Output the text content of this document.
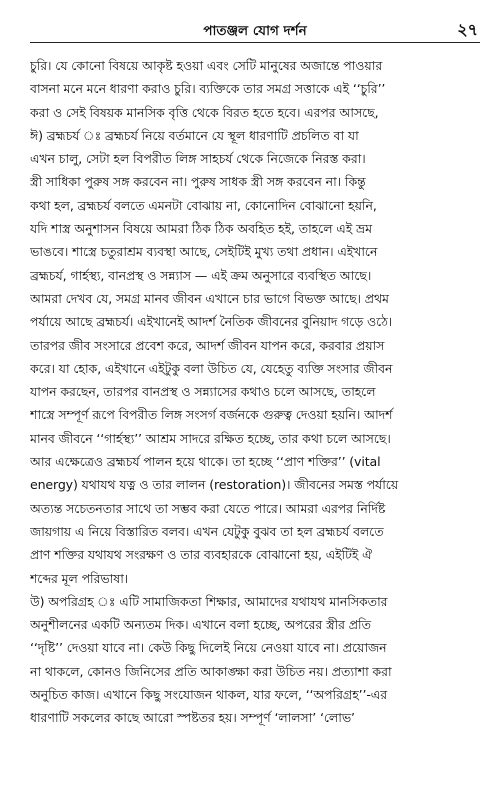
পাতঞ্জল যোগ দর্শন	২৭
চুরি। যে কোনো বিষয়ে আকৃষ্ট হওয়া এবং সেটি মানুষের অজান্তে পাওয়ার
বাসনা মনে মনে ধারণা করাও চুরি। ব্যক্তিকে তার সমগ্র সত্তাকে এই ‘‘চুরি’’
করা ও সেই বিষয়ক মানসিক বৃত্তি থেকে বিরত হতে হবে। এরপর আসছে,
ঈ) ব্রহ্মচর্য ঃ ব্রহ্মচর্য নিয়ে বর্তমানে যে স্থূল ধারণাটি প্রচলিত বা যা
এখন চালু, সেটা হল বিপরীত লিঙ্গ সাহচর্য থেকে নিজেকে নিরস্ত করা।
স্ত্রী সাধিকা পুরুষ সঙ্গ করবেন না। পুরুষ সাধক স্ত্রী সঙ্গ করবেন না। কিন্তু
কথা হল, ব্রহ্মচর্য বলতে এমনটা বোঝায় না, কোনোদিন বোঝানো হয়নি,
যদি শাস্ত্র অনুশাসন বিষয়ে আমরা ঠিক ঠিক অবহিত হই, তাহলে এই ভ্রম
ভাঙবে। শাস্ত্রে চতুরাশ্রম ব্যবস্থা আছে, সেইটিই মুখ্য তথা প্রধান। এইখানে
ব্রহ্মচর্য, গার্হস্থ্য, বানপ্রস্থ ও সন্ন্যাস — এই ক্রম অনুসারে ব্যবস্থিত আছে।
আমরা দেখব যে, সমগ্র মানব জীবন এখানে চার ভাগে বিভক্ত আছে। প্রথম
পর্যায়ে আছে ব্রহ্মচর্য। এইখানেই আদর্শ নৈতিক জীবনের বুনিয়াদ গড়ে ওঠে।
তারপর জীব সংসারে প্রবেশ করে, আদর্শ জীবন যাপন করে, করবার প্রয়াস
করে। যা হোক, এইখানে এইটুকু বলা উচিত যে, যেহেতু ব্যক্তি সংসার জীবন
যাপন করছেন, তারপর বানপ্রস্থ ও সন্ন্যাসের কথাও চলে আসছে, তাহলে
শাস্ত্রে সম্পূর্ণ রূপে বিপরীত লিঙ্গ সংসর্গ বর্জনকে গুরুত্ব দেওয়া হয়নি। আদর্শ
মানব জীবনে ‘‘গার্হস্থ্য’’ আশ্রম সাদরে রক্ষিত হচ্ছে, তার কথা চলে আসছে।
আর এক্ষেত্রেও ব্রহ্মচর্য পালন হয়ে থাকে। তা হচ্ছে ‘‘প্রাণ শক্তির’’ (vital
energy) যথাযথ যত্ন ও তার লালন (restoration)। জীবনের সমস্ত পর্যায়ে
অত্যন্ত সচেতনতার সাথে তা সম্ভব করা যেতে পারে। আমরা এরপর নির্দিষ্ট
জায়গায় এ নিয়ে বিস্তারিত বলব। এখন যেটুকু বুঝব তা হল ব্রহ্মচর্য বলতে
প্রাণ শক্তির যথাযথ সংরক্ষণ ও তার ব্যবহারকে বোঝানো হয়, এইটিই ঐ
শব্দের মূল পরিভাষা।
উ) অপরিগ্রহ ঃ এটি সামাজিকতা শিক্ষার, আমাদের যথাযথ মানসিকতার
অনুশীলনের একটি অন্যতম দিক। এখানে বলা হচ্ছে, অপরের স্ত্রীর প্রতি
‘‘দৃষ্টি’’ দেওয়া যাবে না। কেউ কিছু দিলেই নিয়ে নেওয়া যাবে না। প্রয়োজন
না থাকলে, কোনও জিনিসের প্রতি আকাঙ্ক্ষা করা উচিত নয়। প্রত্যাশা করা
অনুচিত কাজ। এখানে কিছু সংযোজন থাকল, যার ফলে, ‘‘অপরিগ্রহ’’-এর
ধারণাটি সকলের কাছে আরো স্পষ্টতর হয়। সম্পূর্ণ ‘লালসা’ ‘লোভ’
